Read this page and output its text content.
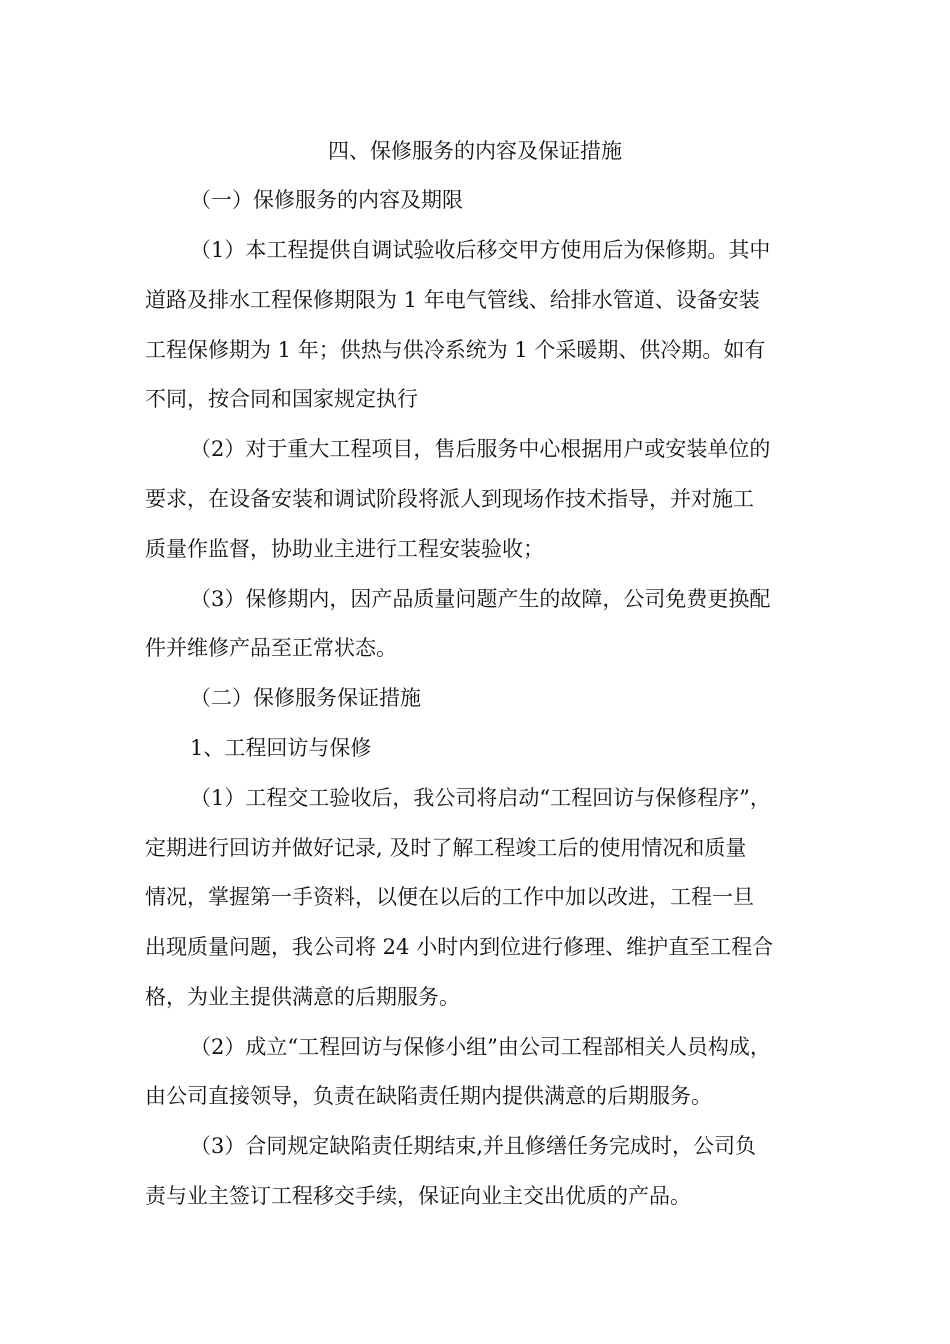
四、保修服务的内容及保证措施
（一）保修服务的内容及期限
（1）本工程提供自调试验收后移交甲方使用后为保修期。其中
道路及排水工程保修期限为 1 年电气管线、给排水管道、设备安装
工程保修期为 1 年；供热与供冷系统为 1 个采暖期、供冷期。如有
不同，按合同和国家规定执行
（2）对于重大工程项目，售后服务中心根据用户或安装单位的
要求，在设备安装和调试阶段将派人到现场作技术指导，并对施工
质量作监督，协助业主进行工程安装验收；
（3）保修期内，因产品质量问题产生的故障，公司免费更换配
件并维修产品至正常状态。
（二）保修服务保证措施
1、工程回访与保修
（1）工程交工验收后，我公司将启动“工程回访与保修程序”，
定期进行回访并做好记录, 及时了解工程竣工后的使用情况和质量
情况，掌握第一手资料，以便在以后的工作中加以改进，工程一旦
出现质量问题，我公司将 24 小时内到位进行修理、维护直至工程合
格，为业主提供满意的后期服务。
（2）成立“工程回访与保修小组”由公司工程部相关人员构成，
由公司直接领导，负责在缺陷责任期内提供满意的后期服务。
（3）合同规定缺陷责任期结束,并且修缮任务完成时，公司负
责与业主签订工程移交手续，保证向业主交出优质的产品。
